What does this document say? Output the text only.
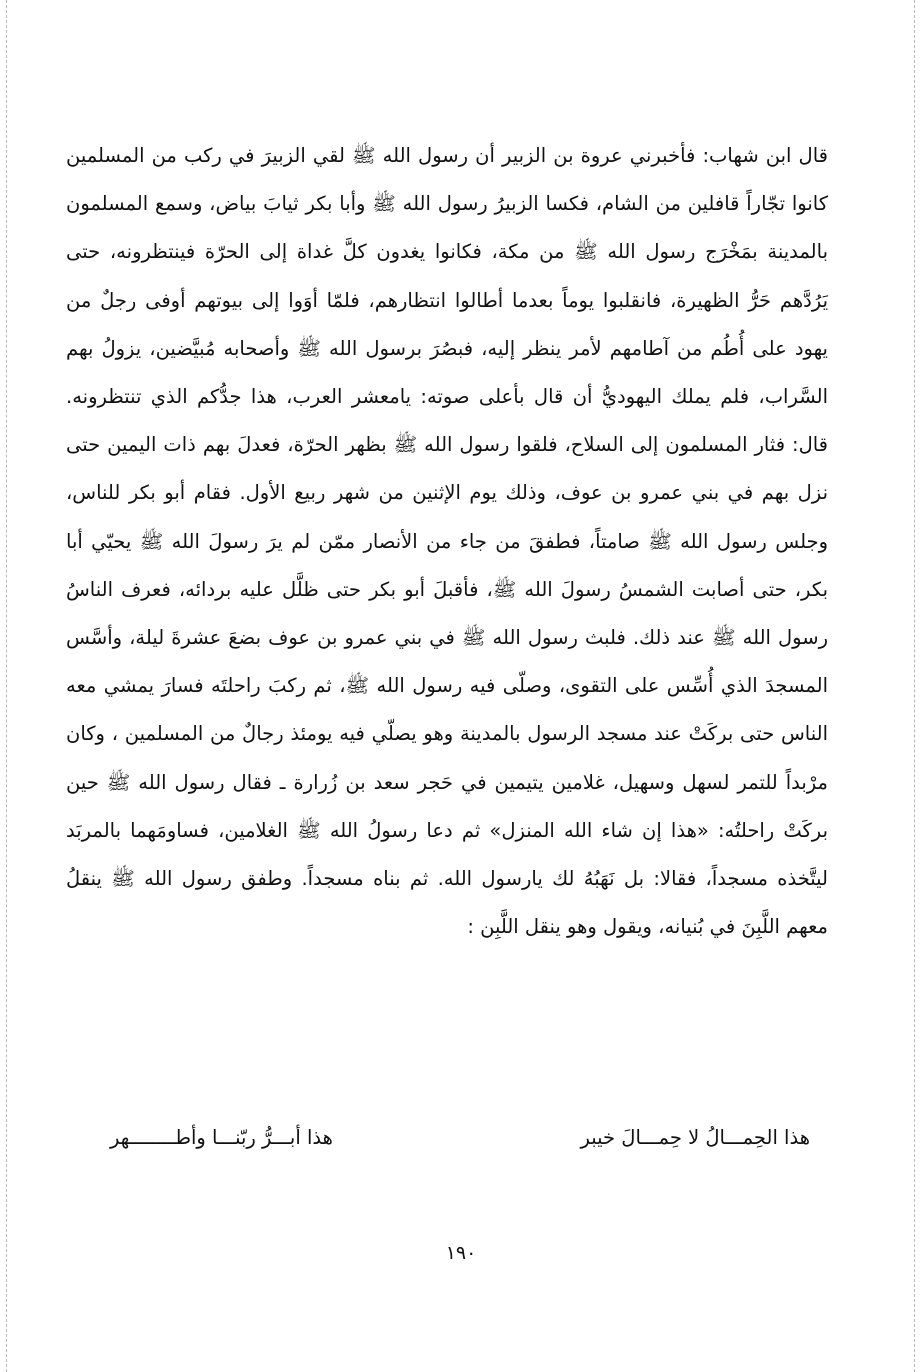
قال ابن شهاب: فأخبرني عروة بن الزبير أن رسول الله ﷺ لقي الزبيرَ في ركب من المسلمين كانوا تجّاراً قافلين من الشام، فكسا الزبيرُ رسول الله ﷺ وأبا بكر ثيابَ بياض، وسمع المسلمون بالمدينة بمَخْرَج رسول الله ﷺ من مكة، فكانوا يغدون كلَّ غداة إلى الحرّة فينتظرونه، حتى يَرُدَّهم حَرُّ الظهيرة، فانقلبوا يوماً بعدما أطالوا انتظارهم، فلمّا أوَوا إلى بيوتهم أوفى رجلٌ من يهود على أُطُم من آطامهم لأمر ينظر إليه، فبصُرَ برسول الله ﷺ وأصحابه مُبيَّضين، يزولُ بهم السَّراب، فلم يملك اليهوديُّ أن قال بأعلى صوته: يامعشر العرب، هذا جدُّكم الذي تنتظرونه. قال: فثار المسلمون إلى السلاح، فلقوا رسول الله ﷺ بظهر الحرّة، فعدلَ بهم ذات اليمين حتى نزل بهم في بني عمرو بن عوف، وذلك يوم الإثنين من شهر ربيع الأول. فقام أبو بكر للناس، وجلس رسول الله ﷺ صامتاً، فطفقَ من جاء من الأنصار ممّن لم يرَ رسولَ الله ﷺ يحيّي أبا بكر، حتى أصابت الشمسُ رسولَ الله ﷺ، فأقبلَ أبو بكر حتى ظلَّل عليه بردائه، فعرف الناسُ رسول الله ﷺ عند ذلك. فلبث رسول الله ﷺ في بني عمرو بن عوف بضعَ عشرةَ ليلة، وأسَّس المسجدَ الذي أُسِّس على التقوى، وصلّى فيه رسول الله ﷺ، ثم ركبَ راحلتَه فسارَ يمشي معه الناس حتى بركَتْ عند مسجد الرسول بالمدينة وهو يصلّي فيه يومئذ رجالٌ من المسلمين ، وكان مرْبداً للتمر لسهل وسهيل، غلامين يتيمين في حَجر سعد بن زُرارة ـ فقال رسول الله ﷺ حين بركَتْ راحلتُه: «هذا إن شاء الله المنزل» ثم دعا رسولُ الله ﷺ الغلامين، فساومَهما بالمربَد ليتَّخذه مسجداً، فقالا: بل نَهَبُهُ لك يارسول الله. ثم بناه مسجداً. وطفق رسول الله ﷺ ينقلُ معهم اللَّبِنَ في بُنيانه، ويقول وهو ينقل اللَّبِن :

هذا الحِمـــالُ لا حِمـــالَ خيبر
هذا أبـــرُّ ربّنـــا وأطــــــــهر
١٩٠
